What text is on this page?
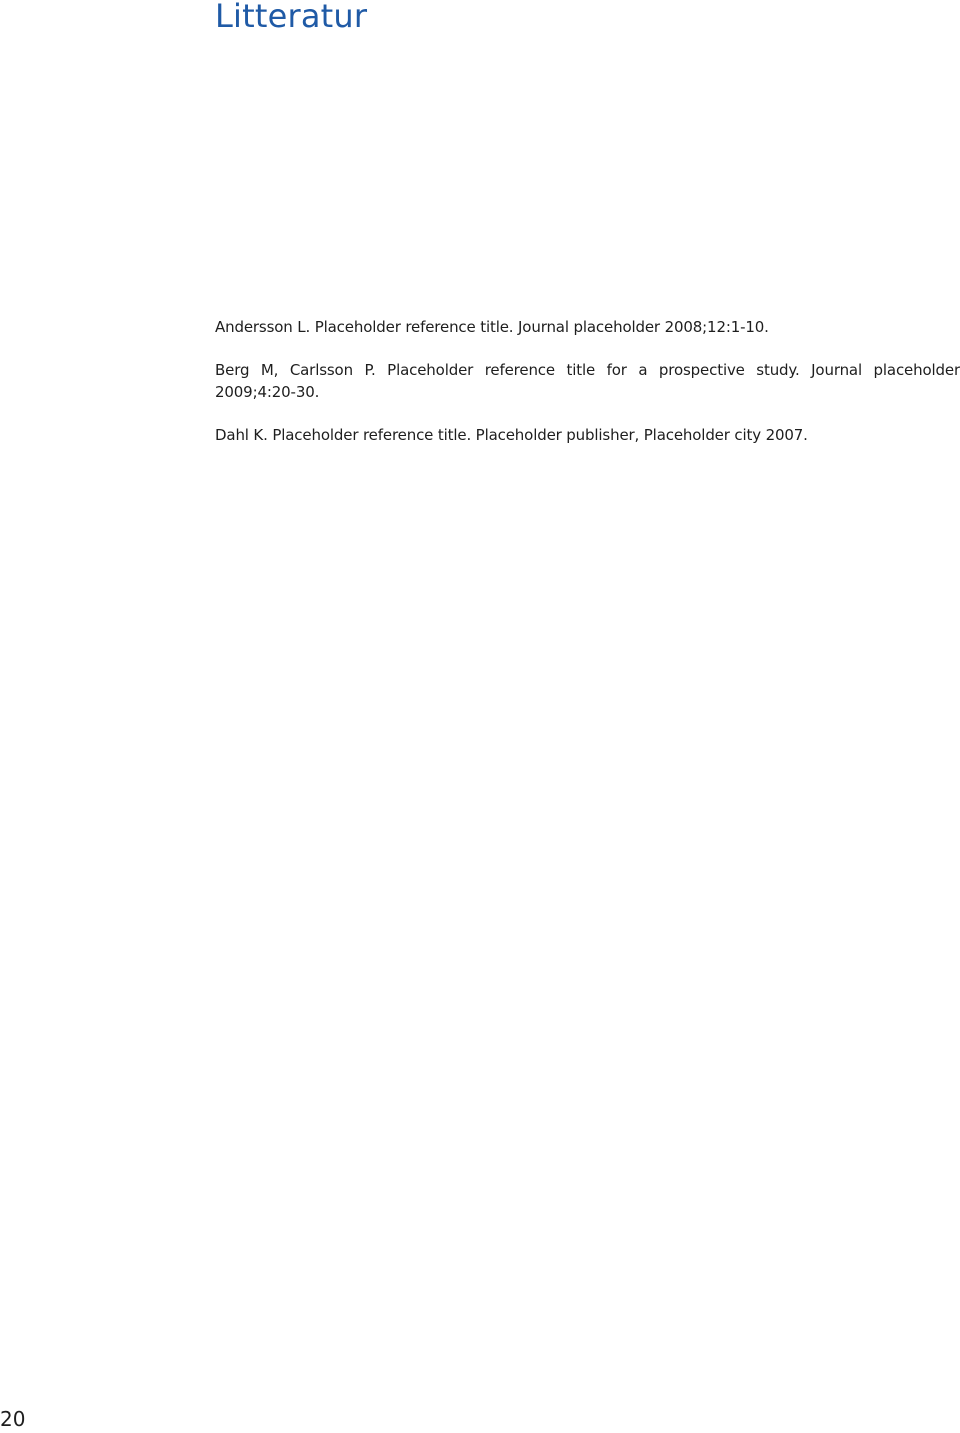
Litteratur

Andersson L. Placeholder reference title. Journal placeholder 2008;12:1-10.

Berg M, Carlsson P. Placeholder reference title for a prospective study. Journal placeholder 2009;4:20-30.

Dahl K. Placeholder reference title. Placeholder publisher, Placeholder city 2007.

20
